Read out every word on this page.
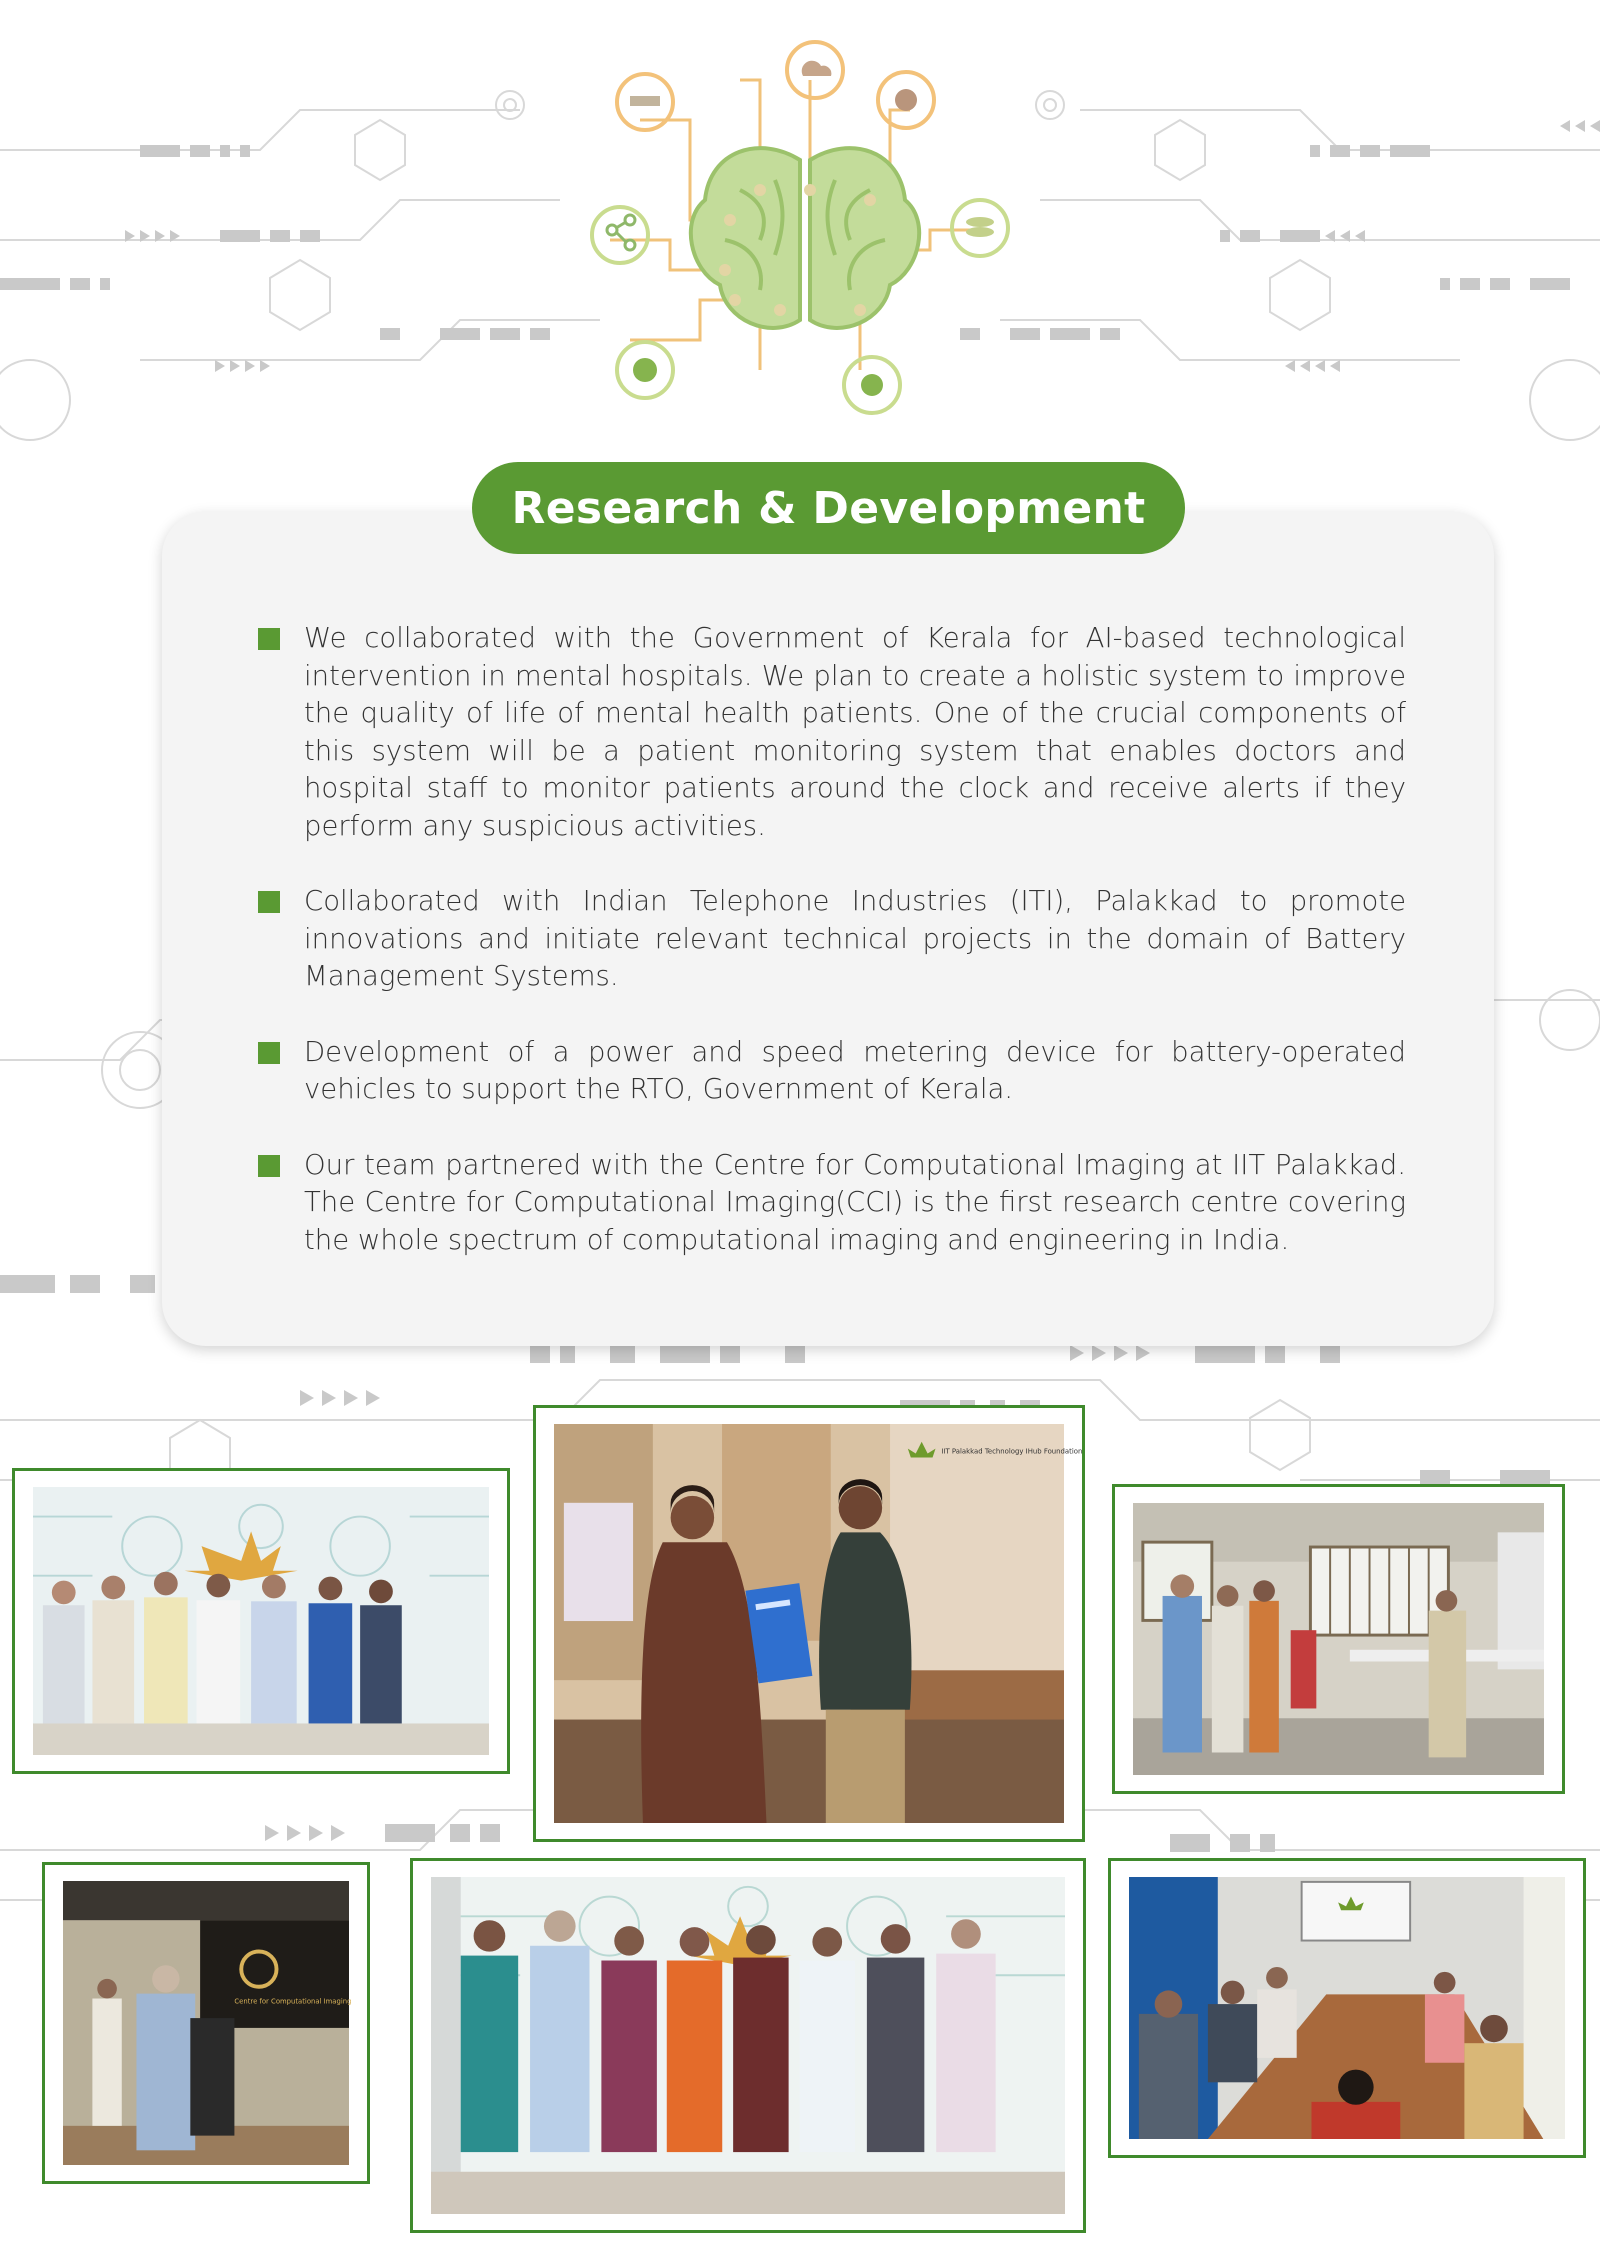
Research & Development
We collaborated with the Government of Kerala for AI-based technological intervention in mental hospitals. We plan to create a holistic system to improve the quality of life of mental health patients. One of the crucial components of this system will be a patient monitoring system that enables doctors and hospital staff to monitor patients around the clock and receive alerts if they perform any suspicious activities.
Collaborated with Indian Telephone Industries (ITI), Palakkad to promote innovations and initiate relevant technical projects in the domain of Battery Management Systems.
Development of a power and speed metering device for battery-operated vehicles to support the RTO, Government of Kerala.
Our team partnered with the Centre for Computational Imaging at IIT Palakkad. The Centre for Computational Imaging(CCI) is the first research centre covering the whole spectrum of computational imaging and engineering in India.
IIT Palakkad Technology IHub Foundation
Centre for Computational Imaging
